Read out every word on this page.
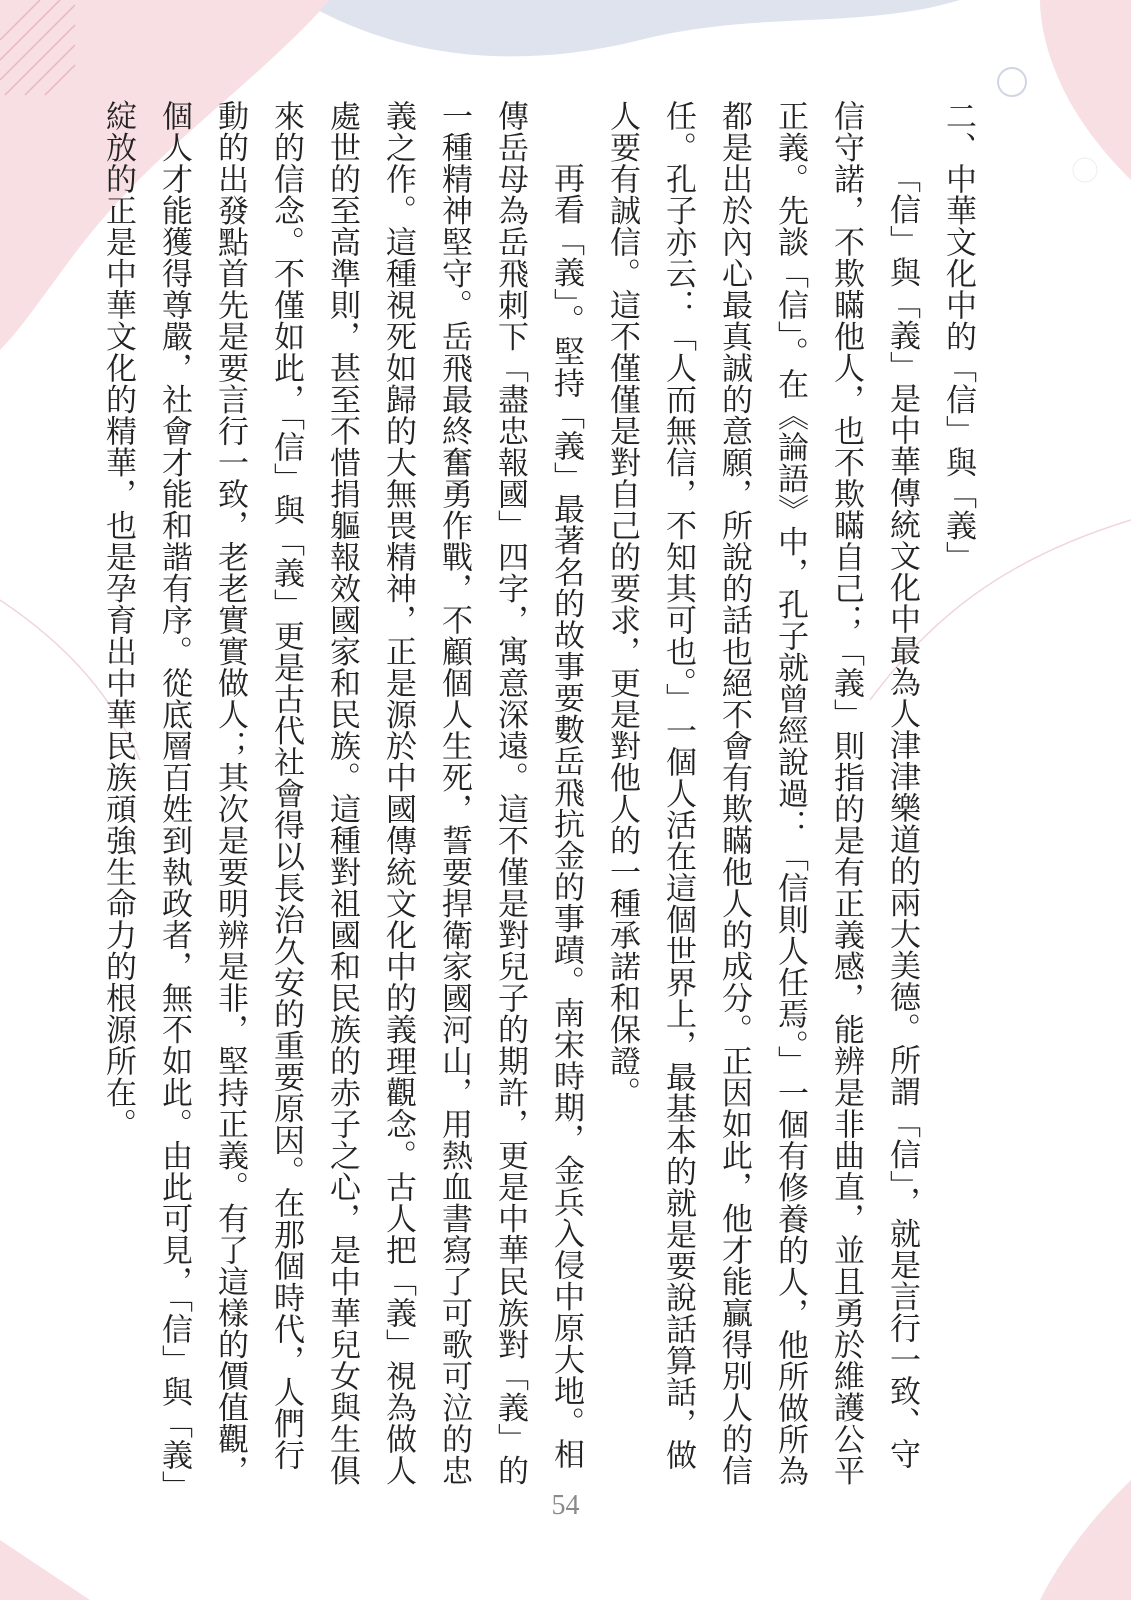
二、中華文化中的「信」與「義」

「信」與「義」是中華傳統文化中最為人津津樂道的兩大美德。所謂「信」，就是言行一致、守信守諾，不欺瞞他人，也不欺瞞自己；「義」則指的是有正義感，能辨是非曲直，並且勇於維護公平正義。先談「信」。在《論語》中，孔子就曾經說過：「信則人任焉。」一個有修養的人，他所做所為都是出於內心最真誠的意願，所說的話也絕不會有欺瞞他人的成分。正因如此，他才能贏得別人的信任。孔子亦云：「人而無信，不知其可也。」一個人活在這個世界上，最基本的就是要說話算話，做人要有誠信。這不僅僅是對自己的要求，更是對他人的一種承諾和保證。

再看「義」。堅持「義」最著名的故事要數岳飛抗金的事蹟。南宋時期，金兵入侵中原大地。相傳岳母為岳飛刺下「盡忠報國」四字，寓意深遠。這不僅是對兒子的期許，更是中華民族對「義」的一種精神堅守。岳飛最終奮勇作戰，不顧個人生死，誓要捍衛家國河山，用熱血書寫了可歌可泣的忠義之作。這種視死如歸的大無畏精神，正是源於中國傳統文化中的義理觀念。古人把「義」視為做人處世的至高準則，甚至不惜捐軀報效國家和民族。這種對祖國和民族的赤子之心，是中華兒女與生俱來的信念。不僅如此，「信」與「義」更是古代社會得以長治久安的重要原因。在那個時代，人們行動的出發點首先是要言行一致，老老實實做人；其次是要明辨是非，堅持正義。有了這樣的價值觀，個人才能獲得尊嚴，社會才能和諧有序。從底層百姓到執政者，無不如此。由此可見，「信」與「義」綻放的正是中華文化的精華，也是孕育出中華民族頑強生命力的根源所在。

54
